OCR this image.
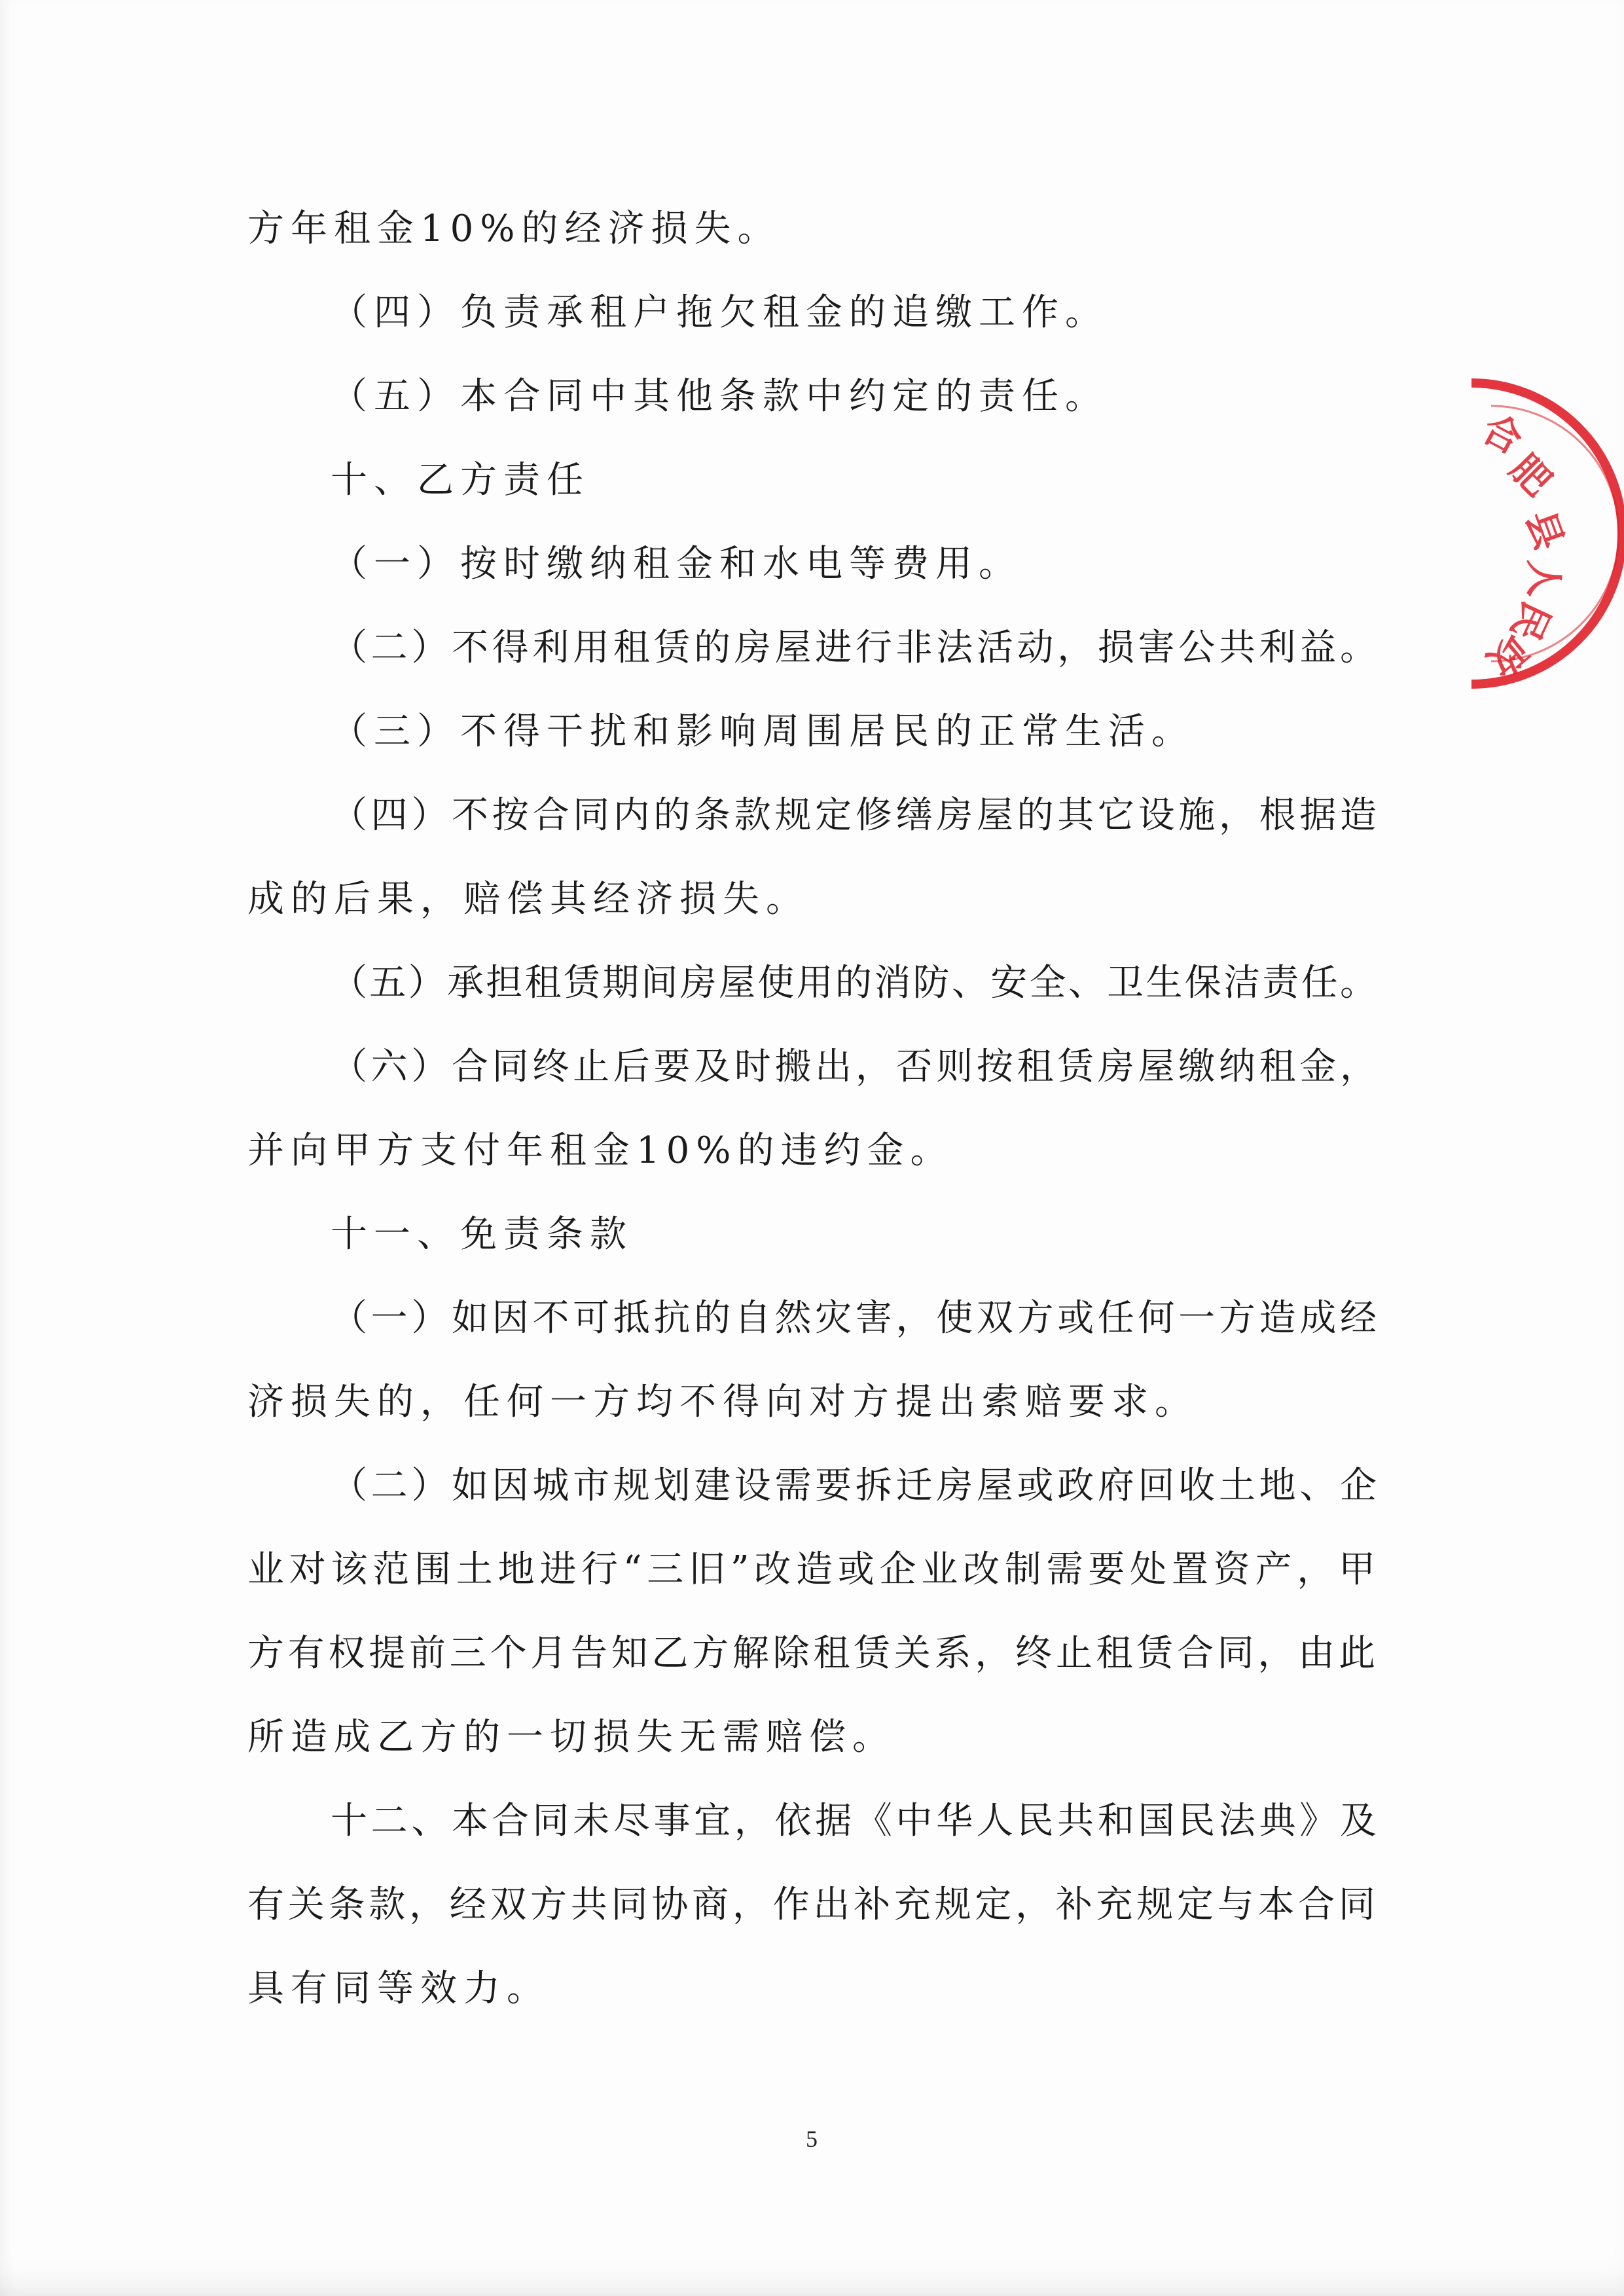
方年租金10%的经济损失。
（四）负责承租户拖欠租金的追缴工作。
（五）本合同中其他条款中约定的责任。
十、乙方责任
（一）按时缴纳租金和水电等费用。
（二）不得利用租赁的房屋进行非法活动，损害公共利益。
（三）不得干扰和影响周围居民的正常生活。
（四）不按合同内的条款规定修缮房屋的其它设施，根据造
成的后果，赔偿其经济损失。
（五）承担租赁期间房屋使用的消防、安全、卫生保洁责任。
（六）合同终止后要及时搬出，否则按租赁房屋缴纳租金，
并向甲方支付年租金10%的违约金。
十一、免责条款
（一）如因不可抵抗的自然灾害，使双方或任何一方造成经
济损失的，任何一方均不得向对方提出索赔要求。
（二）如因城市规划建设需要拆迁房屋或政府回收土地、企
业对该范围土地进行“三旧”改造或企业改制需要处置资产，甲
方有权提前三个月告知乙方解除租赁关系，终止租赁合同，由此
所造成乙方的一切损失无需赔偿。
十二、本合同未尽事宜，依据《中华人民共和国民法典》及
有关条款，经双方共同协商，作出补充规定，补充规定与本合同
具有同等效力。
5
合
肥
县
人
民
政
